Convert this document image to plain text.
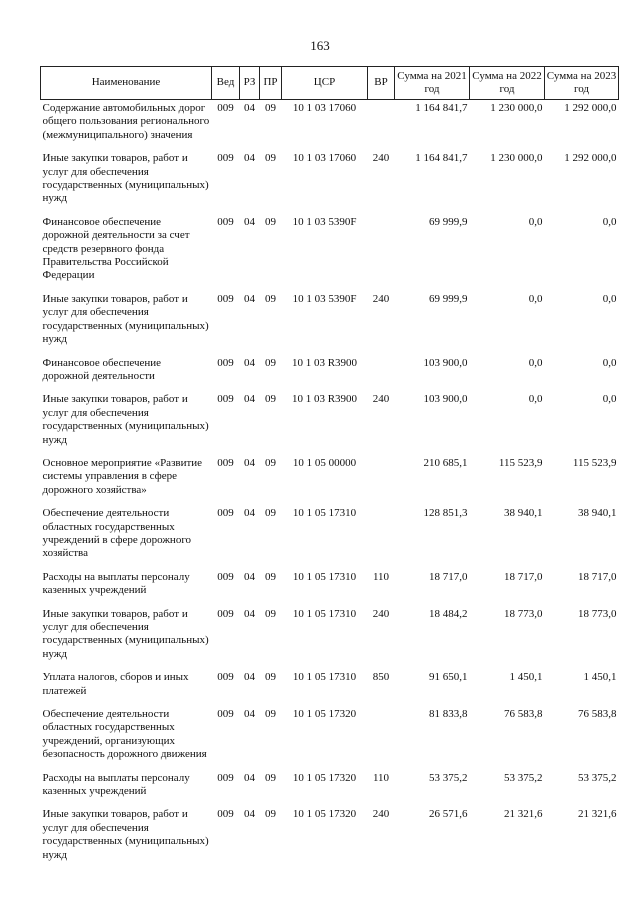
163
Наименование	Вед	РЗ	ПР	ЦСР	ВР	Сумма на 2021 год	Сумма на 2022 год	Сумма на 2023 год
Содержание автомобильных дорог общего пользования регионального (межмуниципального) значения	009	04	09	10 1 03 17060		1 164 841,7	1 230 000,0	1 292 000,0
Иные закупки товаров, работ и услуг для обеспечения государственных (муниципальных) нужд	009	04	09	10 1 03 17060	240	1 164 841,7	1 230 000,0	1 292 000,0
Финансовое обеспечение дорожной деятельности за счет средств резервного фонда Правительства Российской Федерации	009	04	09	10 1 03 5390F		69 999,9	0,0	0,0
Иные закупки товаров, работ и услуг для обеспечения государственных (муниципальных) нужд	009	04	09	10 1 03 5390F	240	69 999,9	0,0	0,0
Финансовое обеспечение дорожной деятельности	009	04	09	10 1 03 R3900		103 900,0	0,0	0,0
Иные закупки товаров, работ и услуг для обеспечения государственных (муниципальных) нужд	009	04	09	10 1 03 R3900	240	103 900,0	0,0	0,0
Основное мероприятие «Развитие системы управления в сфере дорожного хозяйства»	009	04	09	10 1 05 00000		210 685,1	115 523,9	115 523,9
Обеспечение деятельности областных государственных учреждений в сфере дорожного хозяйства	009	04	09	10 1 05 17310		128 851,3	38 940,1	38 940,1
Расходы на выплаты персоналу казенных учреждений	009	04	09	10 1 05 17310	110	18 717,0	18 717,0	18 717,0
Иные закупки товаров, работ и услуг для обеспечения государственных (муниципальных) нужд	009	04	09	10 1 05 17310	240	18 484,2	18 773,0	18 773,0
Уплата налогов, сборов и иных платежей	009	04	09	10 1 05 17310	850	91 650,1	1 450,1	1 450,1
Обеспечение деятельности областных государственных учреждений, организующих безопасность дорожного движения	009	04	09	10 1 05 17320		81 833,8	76 583,8	76 583,8
Расходы на выплаты персоналу казенных учреждений	009	04	09	10 1 05 17320	110	53 375,2	53 375,2	53 375,2
Иные закупки товаров, работ и услуг для обеспечения государственных (муниципальных) нужд	009	04	09	10 1 05 17320	240	26 571,6	21 321,6	21 321,6
